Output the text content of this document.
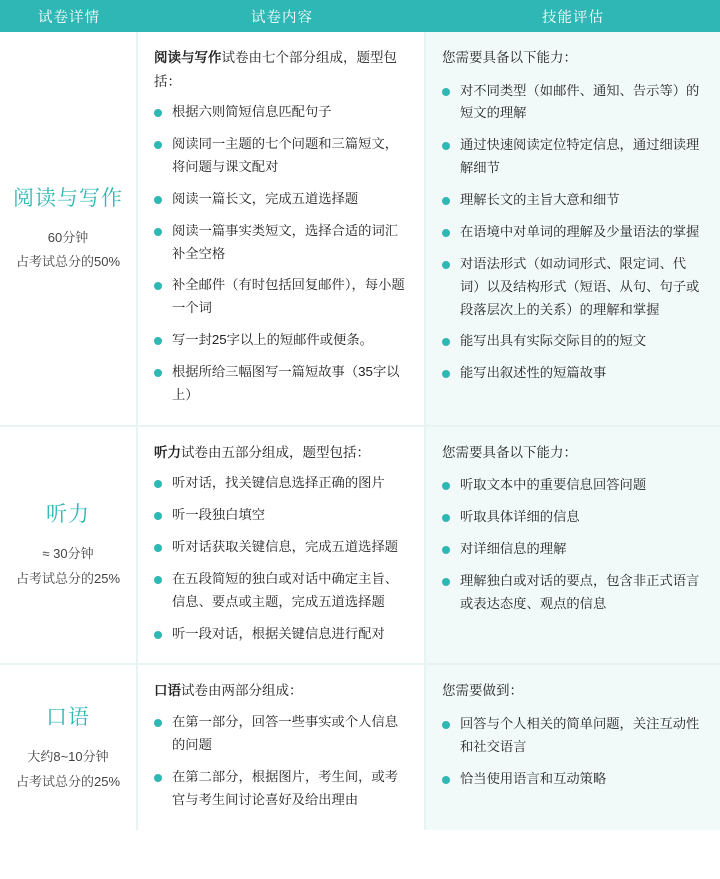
试卷详情	试卷内容	技能评估
阅读与写作
60分钟
占考试总分的50%

阅读与写作试卷由七个部分组成，题型包括：

根据六则简短信息匹配句子
阅读同一主题的七个问题和三篇短文，将问题与课文配对
阅读一篇长文，完成五道选择题
阅读一篇事实类短文，选择合适的词汇补全空格
补全邮件（有时包括回复邮件），每小题一个词
写一封25字以上的短邮件或便条。
根据所给三幅图写一篇短故事（35字以上）

您需要具备以下能力：

对不同类型（如邮件、通知、告示等）的短文的理解
通过快速阅读定位特定信息，通过细读理解细节
理解长文的主旨大意和细节
在语境中对单词的理解及少量语法的掌握
对语法形式（如动词形式、限定词、代词）以及结构形式（短语、从句、句子或段落层次上的关系）的理解和掌握
能写出具有实际交际目的的短文
能写出叙述性的短篇故事
听力
≈ 30分钟
占考试总分的25%

听力试卷由五部分组成，题型包括：

听对话，找关键信息选择正确的图片
听一段独白填空
听对话获取关键信息，完成五道选择题
在五段简短的独白或对话中确定主旨、信息、要点或主题，完成五道选择题
听一段对话，根据关键信息进行配对

您需要具备以下能力：

听取文本中的重要信息回答问题
听取具体详细的信息
对详细信息的理解
理解独白或对话的要点，包含非正式语言或表达态度、观点的信息
口语
大约8~10分钟
占考试总分的25%

口语试卷由两部分组成：

在第一部分，回答一些事实或个人信息的问题
在第二部分，根据图片，考生间，或考官与考生间讨论喜好及给出理由

您需要做到：

回答与个人相关的简单问题，关注互动性和社交语言
恰当使用语言和互动策略
